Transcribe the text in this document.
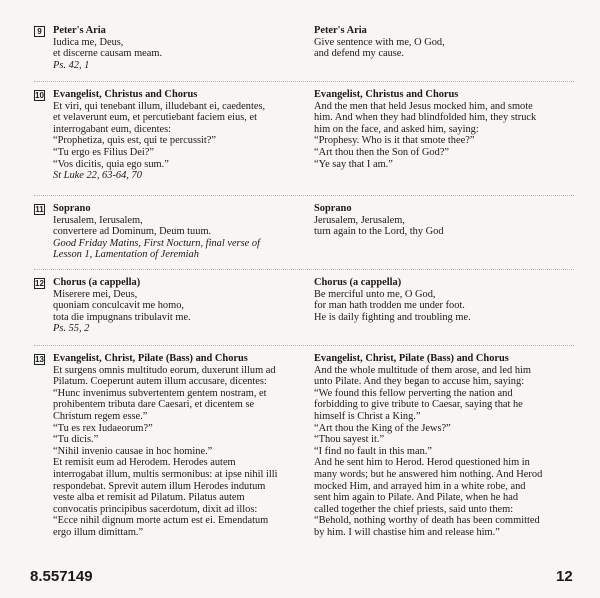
9	Peter's Aria
Iudica me, Deus,
et discerne causam meam.
Ps. 42, 1
Peter's Aria
Give sentence with me, O God,
and defend my cause.
10 Evangelist, Christus and Chorus
Et viri, qui tenebant illum, illudebant ei, caedentes,
et velaverunt eum, et percutiebant faciem eius, et
interrogabant eum, dicentes:
“Prophetiza, quis est, qui te percussit?”
“Tu ergo es Filius Dei?”
“Vos dicitis, quia ego sum.”
St Luke 22, 63-64, 70
Evangelist, Christus and Chorus
And the men that held Jesus mocked him, and smote
him. And when they had blindfolded him, they struck
him on the face, and asked him, saying:
“Prophesy. Who is it that smote thee?”
“Art thou then the Son of God?”
“Ye say that I am.”
11 Soprano
Ierusalem, Ierusalem,
convertere ad Dominum, Deum tuum.
Good Friday Matins, First Nocturn, final verse of
Lesson 1, Lamentation of Jeremiah
Soprano
Jerusalem, Jerusalem,
turn again to the Lord, thy God
12 Chorus (a cappella)
Miserere mei, Deus,
quoniam conculcavit me homo,
tota die impugnans tribulavit me.
Ps. 55, 2
Chorus (a cappella)
Be merciful unto me, O God,
for man hath trodden me under foot.
He is daily fighting and troubling me.
13 Evangelist, Christ, Pilate (Bass) and Chorus
Et surgens omnis multitudo eorum, duxerunt illum ad
Pilatum. Coeperunt autem illum accusare, dicentes:
“Hunc invenimus subvertentem gentem nostram, et
prohibentem tributa dare Caesari, et dicentem se
Christum regem esse.”
“Tu es rex Iudaeorum?”
“Tu dicis.”
“Nihil invenio causae in hoc homine.”
Et remisit eum ad Herodem. Herodes autem
interrogabat illum, multis sermonibus: at ipse nihil illi
respondebat. Sprevit autem illum Herodes indutum
veste alba et remisit ad Pilatum. Pilatus autem
convocatis principibus sacerdotum, dixit ad illos:
“Ecce nihil dignum morte actum est ei. Emendatum
ergo illum dimittam.”
Evangelist, Christ, Pilate (Bass) and Chorus
And the whole multitude of them arose, and led him
unto Pilate. And they began to accuse him, saying:
“We found this fellow perverting the nation and
forbidding to give tribute to Caesar, saying that he
himself is Christ a King.”
“Art thou the King of the Jews?”
“Thou sayest it.”
“I find no fault in this man.”
And he sent him to Herod. Herod questioned him in
many words; but he answered him nothing. And Herod
mocked Him, and arrayed him in a white robe, and
sent him again to Pilate. And Pilate, when he had
called together the chief priests, said unto them:
“Behold, nothing worthy of death has been committed
by him. I will chastise him and release him.”
8.557149	12
